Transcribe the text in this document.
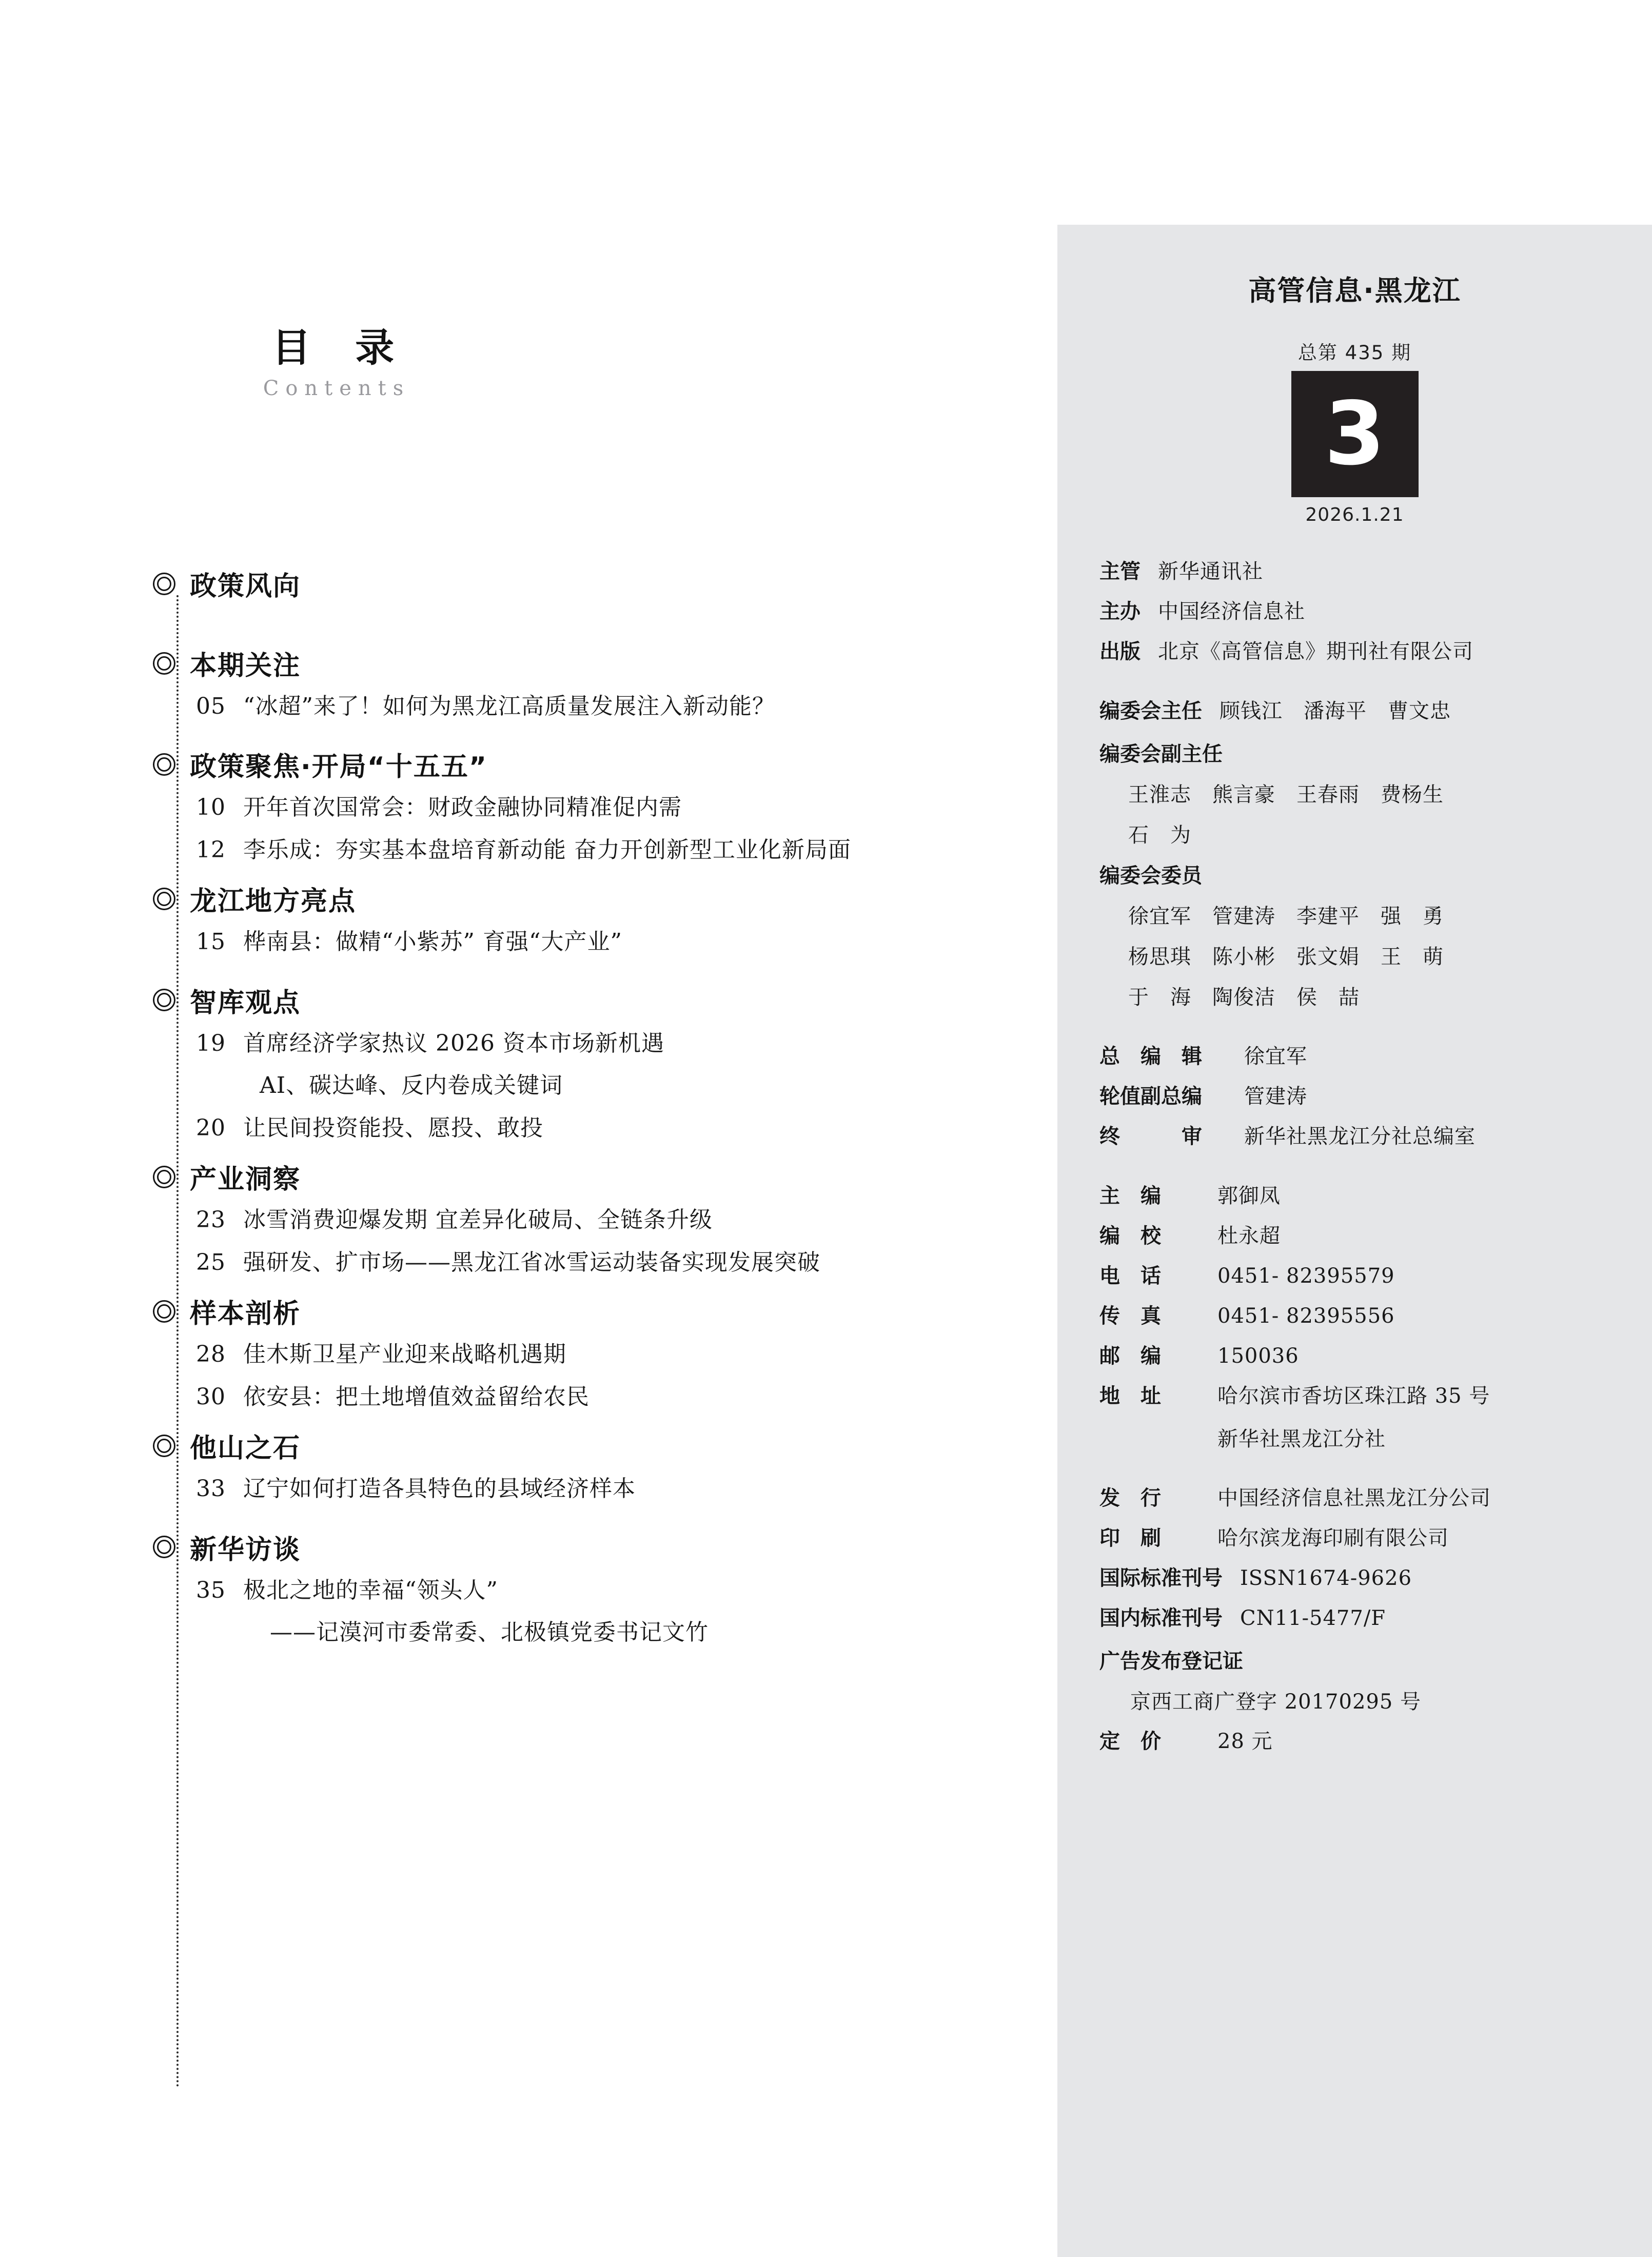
目 录
Contents
政策风向
本期关注
05 “冰超”来了！如何为黑龙江高质量发展注入新动能？
政策聚焦·开局“十五五”
10 开年首次国常会：财政金融协同精准促内需
12 李乐成：夯实基本盘培育新动能 奋力开创新型工业化新局面
龙江地方亮点
15 桦南县：做精“小紫苏” 育强“大产业”
智库观点
19 首席经济学家热议 2026 资本市场新机遇
AI、碳达峰、反内卷成关键词
20 让民间投资能投、愿投、敢投
产业洞察
23 冰雪消费迎爆发期 宜差异化破局、全链条升级
25 强研发、扩市场——黑龙江省冰雪运动装备实现发展突破
样本剖析
28 佳木斯卫星产业迎来战略机遇期
30 依安县：把土地增值效益留给农民
他山之石
33 辽宁如何打造各具特色的县域经济样本
新华访谈
35 极北之地的幸福“领头人”
——记漠河市委常委、北极镇党委书记文竹
高管信息·黑龙江
总第 435 期
3
2026.1.21
主管 新华通讯社
主办 中国经济信息社
出版 北京《高管信息》期刊社有限公司
编委会主任 顾钱江　潘海平　曹文忠
编委会副主任
王淮志　熊言豪　王春雨　费杨生
石　为
编委会委员
徐宜军　管建涛　李建平　强　勇
杨思琪　陈小彬　张文娟　王　萌
于　海　陶俊洁　侯　喆
总　编　辑	徐宜军
轮值副总编	管建涛
终　　　审	新华社黑龙江分社总编室
主　编	郭御凤
编　校	杜永超
电　话	0451- 82395579
传　真	0451- 82395556
邮　编	150036
地　址	哈尔滨市香坊区珠江路 35 号
新华社黑龙江分社
发　行	中国经济信息社黑龙江分公司
印　刷	哈尔滨龙海印刷有限公司
国际标准刊号 ISSN1674-9626
国内标准刊号 CN11-5477/F
广告发布登记证
京西工商广登字 20170295 号
定　价	28 元
